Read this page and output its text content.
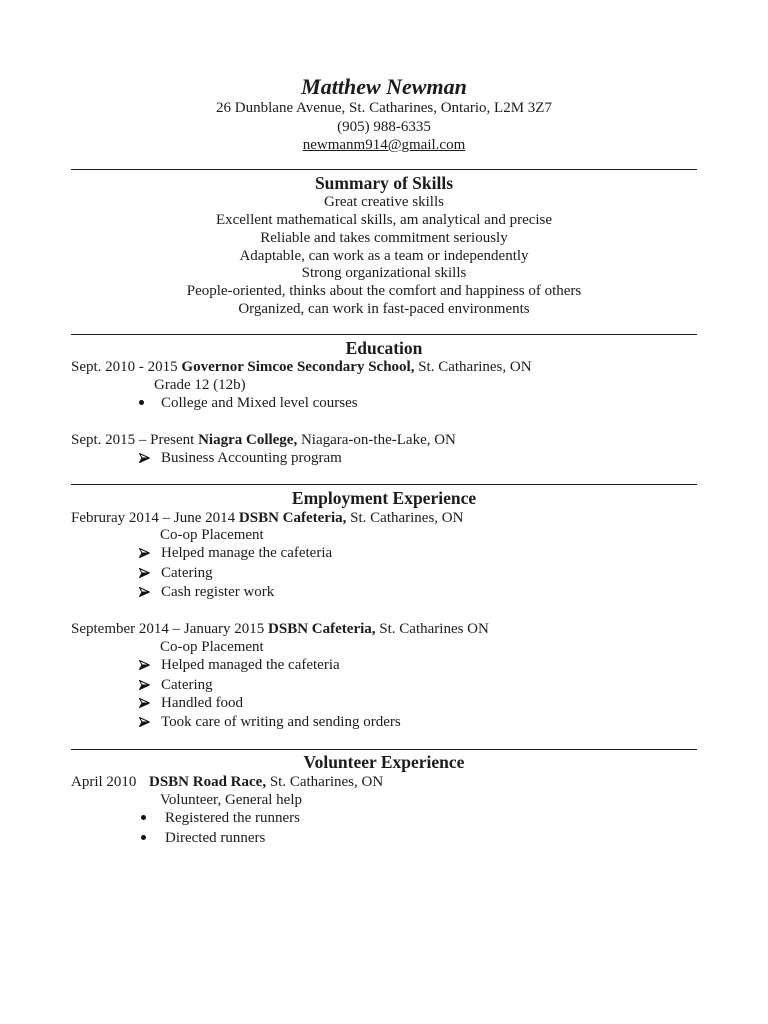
Matthew Newman
26 Dunblane Avenue, St. Catharines, Ontario, L2M 3Z7
(905) 988-6335
newmanm914@gmail.com
Summary of Skills
Great creative skills
Excellent mathematical skills, am analytical and precise
Reliable and takes commitment seriously
Adaptable, can work as a team or independently
Strong organizational skills
People-oriented, thinks about the comfort and happiness of others
Organized, can work in fast-paced environments
Education
Sept. 2010 - 2015 Governor Simcoe Secondary School, St. Catharines, ON
Grade 12 (12b)
College and Mixed level courses
Sept. 2015 – Present Niagra College, Niagara-on-the-Lake, ON
Business Accounting program
Employment Experience
Februray 2014 – June 2014 DSBN Cafeteria, St. Catharines, ON
Co-op Placement
Helped manage the cafeteria
Catering
Cash register work
September 2014 – January 2015 DSBN Cafeteria, St. Catharines ON
Co-op Placement
Helped managed the cafeteria
Catering
Handled food
Took care of writing and sending orders
Volunteer Experience
April 2010 DSBN Road Race, St. Catharines, ON
Volunteer, General help
Registered the runners
Directed runners
